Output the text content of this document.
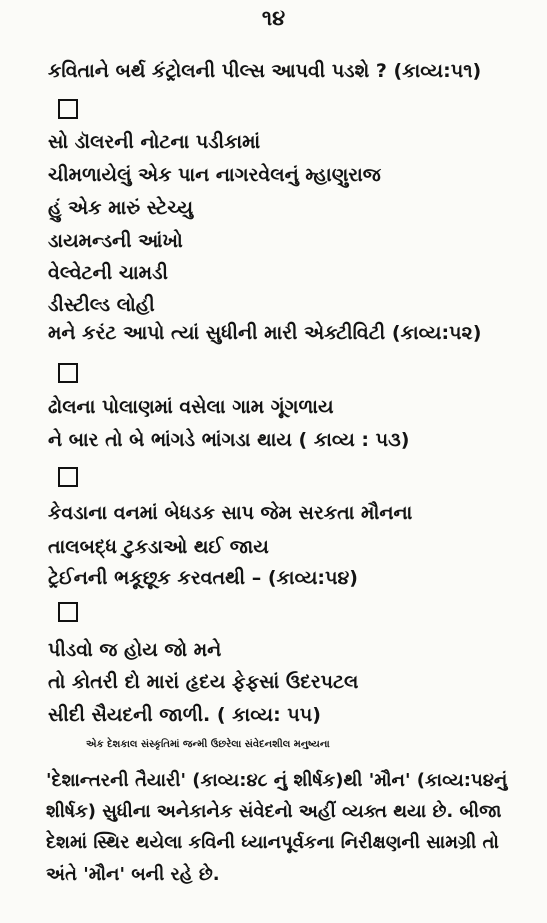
૧૪
કવિતાને બર્થ કંટ્રોલની પીલ્સ આપવી પડશે ? (કાવ્ય:૫૧)
સો ડૉલરની નોટના પડીકામાં
ચીમળાયેલું એક પાન નાગરવેલનું મ્હાણુરાજ
હું એક મારું સ્ટેચ્યુ
ડાયમન્ડની આંખો
વેલ્વેટની ચામડી
ડીસ્ટીલ્ડ લોહી
મને કરંટ આપો ત્યાં સુધીની મારી એક્ટીવિટી (કાવ્ય:૫૨)
ઢોલના પોલાણમાં વસેલા ગામ ગૂંગળાય
ને બાર તો બે ભાંગડે ભાંગડા થાય ( કાવ્ય : ૫૩)
કેવડાના વનમાં બેધડક સાપ જેમ સરકતા મૌનના
તાલબદ્ધ ટુકડાઓ થઈ જાય
ટ્રેઈનની ભકૂછૂક કરવતથી – (કાવ્ય:૫૪)
પીડવો જ હોય જો મને
તો કોતરી દો મારાં હૃદય ફેફસાં ઉદરપટલ
સીદી સૈયદની જાળી. ( કાવ્ય: ૫૫)
એક દેશકાલ સંસ્કૃતિમાં જન્મી ઉછરેલા સંવેદનશીલ મનુષ્યના
'દેશાન્તરની તૈયારી' (કાવ્ય:૪૮ નું શીર્ષક)થી 'મૌન' (કાવ્ય:૫૪નું
શીર્ષક) સુધીના અનેકાનેક સંવેદનો અહીં વ્યક્ત થયા છે. બીજા
દેશમાં સ્થિર થયેલા કવિની ધ્યાનપૂર્વકના નિરીક્ષણની સામગ્રી તો
અંતે 'મૌન' બની રહે છે.
